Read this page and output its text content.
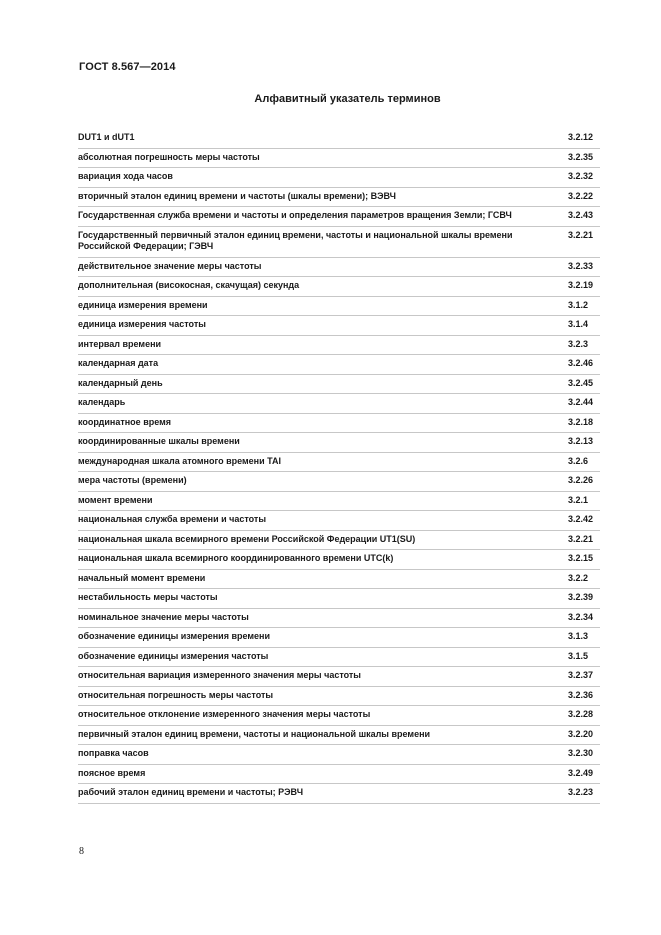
ГОСТ 8.567—2014
Алфавитный указатель терминов
DUT1 и dUT1	3.2.12
абсолютная погрешность меры частоты	3.2.35
вариация хода часов	3.2.32
вторичный эталон единиц времени и частоты (шкалы времени); ВЭВЧ	3.2.22
Государственная служба времени и частоты и определения параметров вращения Земли; ГСВЧ	3.2.43
Государственный первичный эталон единиц времени, частоты и национальной шкалы времени Российской Федерации; ГЭВЧ	3.2.21
действительное значение меры частоты	3.2.33
дополнительная (високосная, скачущая) секунда	3.2.19
единица измерения времени	3.1.2
единица измерения частоты	3.1.4
интервал времени	3.2.3
календарная дата	3.2.46
календарный день	3.2.45
календарь	3.2.44
координатное время	3.2.18
координированные шкалы времени	3.2.13
международная шкала атомного времени TAI	3.2.6
мера частоты (времени)	3.2.26
момент времени	3.2.1
национальная служба времени и частоты	3.2.42
национальная шкала всемирного времени Российской Федерации UT1(SU)	3.2.21
национальная шкала всемирного координированного времени UTC(k)	3.2.15
начальный момент времени	3.2.2
нестабильность меры частоты	3.2.39
номинальное значение меры частоты	3.2.34
обозначение единицы измерения времени	3.1.3
обозначение единицы измерения частоты	3.1.5
относительная вариация измеренного значения меры частоты	3.2.37
относительная погрешность меры частоты	3.2.36
относительное отклонение измеренного значения меры частоты	3.2.28
первичный эталон единиц времени, частоты и национальной шкалы времени	3.2.20
поправка часов	3.2.30
поясное время	3.2.49
рабочий эталон единиц времени и частоты; РЭВЧ	3.2.23
8
